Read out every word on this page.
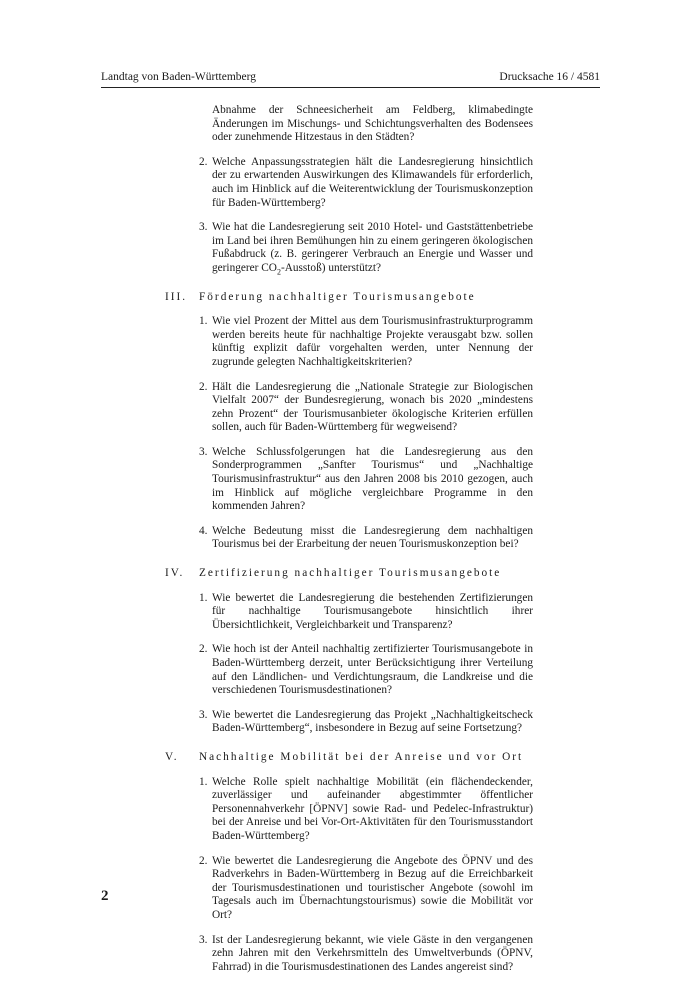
Landtag von Baden-Württemberg	Drucksache 16 / 4581
Abnahme der Schneesicherheit am Feldberg, klimabedingte Änderungen im Mischungs- und Schichtungsverhalten des Bodensees oder zunehmende Hitzestaus in den Städten?
2. Welche Anpassungsstrategien hält die Landesregierung hinsichtlich der zu erwartenden Auswirkungen des Klimawandels für erforderlich, auch im Hinblick auf die Weiterentwicklung der Tourismuskonzeption für Baden-Württemberg?
3. Wie hat die Landesregierung seit 2010 Hotel- und Gaststättenbetriebe im Land bei ihren Bemühungen hin zu einem geringeren ökologischen Fußabdruck (z. B. geringerer Verbrauch an Energie und Wasser und geringerer $CO_2-Ausstoß$) unterstützt?
III.	Förderung nachhaltiger Tourismusangebote
1. Wie viel Prozent der Mittel aus dem Tourismusinfrastrukturprogramm werden bereits heute für nachhaltige Projekte verausgabt bzw. sollen künftig explizit dafür vorgehalten werden, unter Nennung der zugrunde gelegten Nachhaltigkeitskriterien?
2. Hält die Landesregierung die „Nationale Strategie zur Biologischen Vielfalt 2007“ der Bundesregierung, wonach bis 2020 „mindestens zehn Prozent“ der Tourismusanbieter ökologische Kriterien erfüllen sollen, auch für Baden-Württemberg für wegweisend?
3. Welche Schlussfolgerungen hat die Landesregierung aus den Sonderprogrammen „Sanfter Tourismus“ und „Nachhaltige Tourismusinfrastruktur“ aus den Jahren 2008 bis 2010 gezogen, auch im Hinblick auf mögliche vergleichbare Programme in den kommenden Jahren?
4. Welche Bedeutung misst die Landesregierung dem nachhaltigen Tourismus bei der Erarbeitung der neuen Tourismuskonzeption bei?
IV.	Zertifizierung nachhaltiger Tourismusangebote
1. Wie bewertet die Landesregierung die bestehenden Zertifizierungen für nachhaltige Tourismusangebote hinsichtlich ihrer Übersichtlichkeit, Vergleichbarkeit und Transparenz?
2. Wie hoch ist der Anteil nachhaltig zertifizierter Tourismusangebote in Baden-Württemberg derzeit, unter Berücksichtigung ihrer Verteilung auf den Ländlichen- und Verdichtungsraum, die Landkreise und die verschiedenen Tourismusdestinationen?
3. Wie bewertet die Landesregierung das Projekt „Nachhaltigkeitscheck Baden-Württemberg“, insbesondere in Bezug auf seine Fortsetzung?
V.	Nachhaltige Mobilität bei der Anreise und vor Ort
1. Welche Rolle spielt nachhaltige Mobilität (ein flächendeckender, zuverlässiger und aufeinander abgestimmter öffentlicher Personennahverkehr [ÖPNV] sowie Rad- und Pedelec-Infrastruktur) bei der Anreise und bei Vor-Ort-Aktivitäten für den Tourismusstandort Baden-Württemberg?
2. Wie bewertet die Landesregierung die Angebote des ÖPNV und des Radverkehrs in Baden-Württemberg in Bezug auf die Erreichbarkeit der Tourismusdestinationen und touristischer Angebote (sowohl im Tagesals auch im Übernachtungstourismus) sowie die Mobilität vor Ort?
3. Ist der Landesregierung bekannt, wie viele Gäste in den vergangenen zehn Jahren mit den Verkehrsmitteln des Umweltverbunds (ÖPNV, Fahrrad) in die Tourismusdestinationen des Landes angereist sind?
2
